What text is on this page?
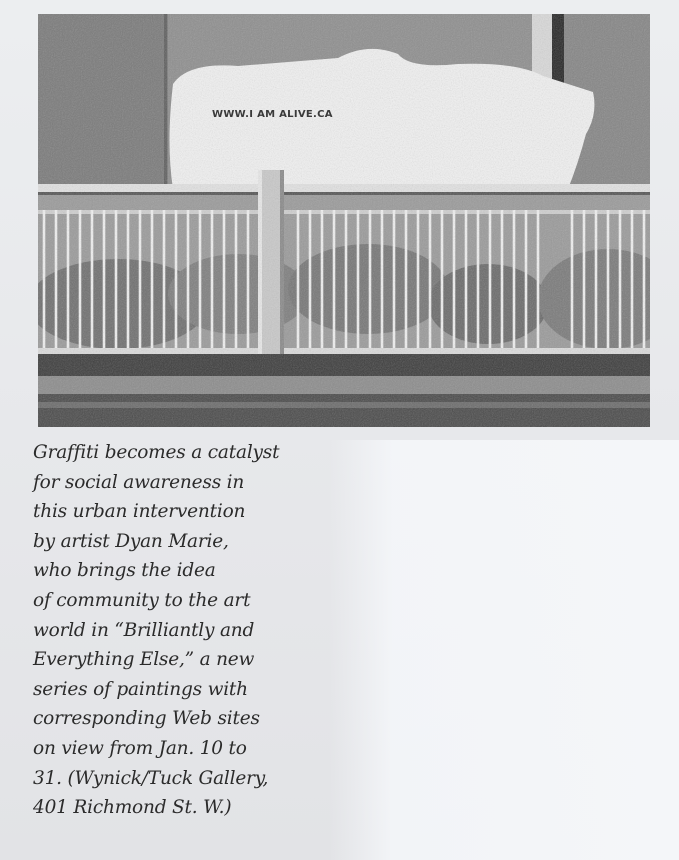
WWW.I AM ALIVE.CA
Graffiti becomes a catalyst
for social awareness in
this urban intervention
by artist Dyan Marie,
who brings the idea
of community to the art
world in “Brilliantly and
Everything Else,” a new
series of paintings with
corresponding Web sites
on view from Jan. 10 to
31. (Wynick/Tuck Gallery,
401 Richmond St. W.)
